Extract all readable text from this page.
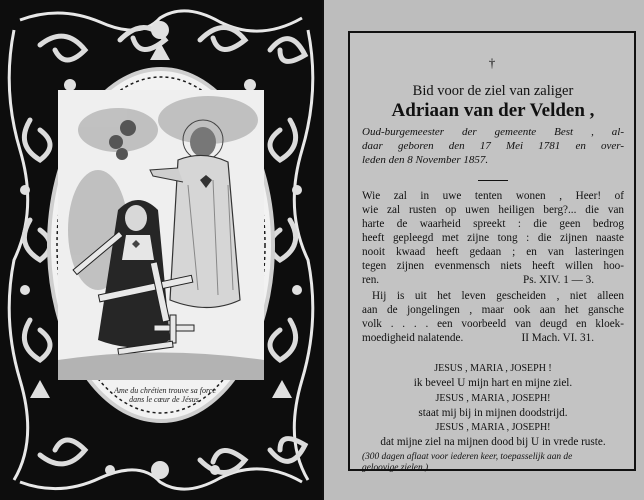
Ame du chrétien trouve sa force
dans le cœur de Jésus.
†
Bid voor de ziel van zaliger
Adriaan van der Velden ,
Oud-burgemeester der gemeente Best , al-
daar geboren den 17 Mei 1781 en over-
leden den 8 November 1857.
Wie zal in uwe tenten wonen , Heer! of
wie zal rusten op uwen heiligen berg?... die van
harte de waarheid spreekt : die geen bedrog
heeft gepleegd met zijne tong : die zijnen naaste
nooit kwaad heeft gedaan ; en van lasteringen
tegen zijnen evenmensch niets heeft willen hoo-
ren.	Ps. XIV. 1 — 3.
Hij is uit het leven gescheiden , niet alleen
aan de jongelingen , maar ook aan het gansche
volk . . . . een voorbeeld van deugd en kloek-
moedigheid nalatende.	II Mach. VI. 31.
JESUS , MARIA , JOSEPH !
ik beveel U mijn hart en mijne ziel.
JESUS , MARIA , JOSEPH!
staat mij bij in mijnen doodstrijd.
JESUS , MARIA , JOSEPH!
dat mijne ziel na mijnen dood bij U in vrede ruste.
(300 dagen aflaat voor iederen keer, toepasselijk aan de
geloovige zielen.)
